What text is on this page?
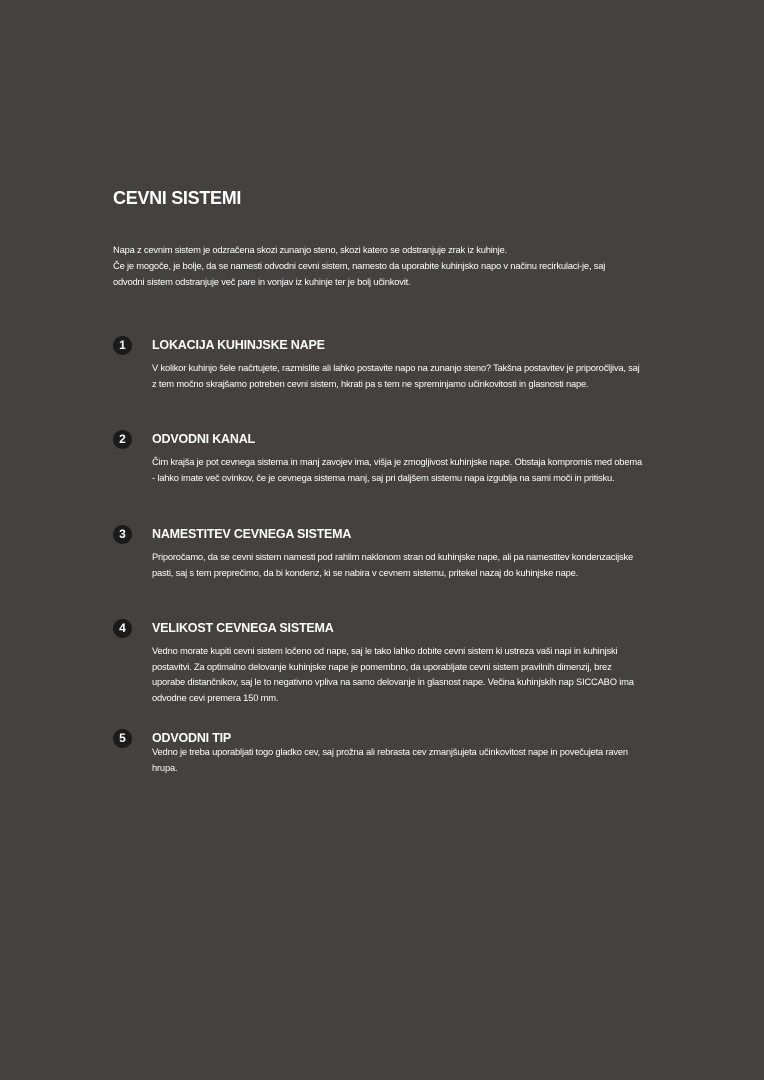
CEVNI SISTEMI

Napa z cevnim sistem je odzračena skozi zunanjo steno, skozi katero se odstranjuje zrak iz kuhinje.

Če je mogoče, je bolje, da se namesti odvodni cevni sistem, namesto da uporabite kuhinjsko napo v načinu recirkulaci-je, saj odvodni sistem odstranjuje več pare in vonjav iz kuhinje ter je bolj učinkovit.

1	LOKACIJA KUHINJSKE NAPE

V kolikor kuhinjo šele načrtujete, razmislite ali lahko postavite napo na zunanjo steno? Takšna postavitev je priporočljiva, saj z tem močno skrajšamo potreben cevni sistem, hkrati pa s tem ne spreminjamo učinkovitosti in glasnosti nape.

2	ODVODNI KANAL

Čim krajša je pot cevnega sistema in manj zavojev ima, višja je zmogljivost kuhinjske nape. Obstaja kompromis med obema - lahko imate več ovinkov, če je cevnega sistema manj, saj pri daljšem sistemu napa izgublja na sami moči in pritisku.

3	NAMESTITEV CEVNEGA SISTEMA

Priporočamo, da se cevni sistem namesti pod rahlim naklonom stran od kuhinjske nape, ali pa namestitev kondenzacijske pasti, saj s tem preprečimo, da bi kondenz, ki se nabira v cevnem sistemu, pritekel nazaj do kuhinjske nape.

4	VELIKOST CEVNEGA SISTEMA

Vedno morate kupiti cevni sistem ločeno od nape, saj le tako lahko dobite cevni sistem ki ustreza vaši napi in kuhinjski postavitvi. Za optimalno delovanje kuhinjske nape je pomembno, da uporabljate cevni sistem pravilnih dimenzij, brez uporabe distančnikov, saj le to negativno vpliva na samo delovanje in glasnost nape. Večina kuhinjskih nap SICCABO ima odvodne cevi premera 150 mm.

5	ODVODNI TIP

Vedno je treba uporabljati togo gladko cev, saj prožna ali rebrasta cev zmanjšujeta učinkovitost nape in povečujeta raven hrupa.
